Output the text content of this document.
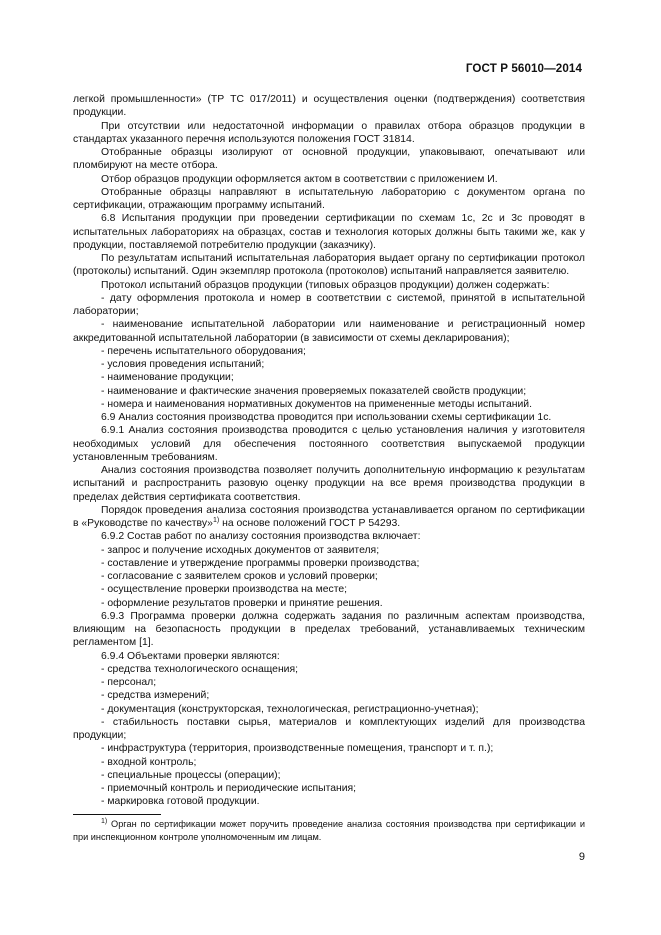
ГОСТ Р 56010—2014

легкой промышленности» (ТР ТС 017/2011) и осуществления оценки (подтверждения) соответствия продукции.

При отсутствии или недостаточной информации о правилах отбора образцов продукции в стандартах указанного перечня используются положения ГОСТ 31814.

Отобранные образцы изолируют от основной продукции, упаковывают, опечатывают или пломбируют на месте отбора.

Отбор образцов продукции оформляется актом в соответствии с приложением И.

Отобранные образцы направляют в испытательную лабораторию с документом органа по сертификации, отражающим программу испытаний.

6.8 Испытания продукции при проведении сертификации по схемам 1с, 2с и 3с проводят в испытательных лабораториях на образцах, состав и технология которых должны быть такими же, как у продукции, поставляемой потребителю продукции (заказчику).

По результатам испытаний испытательная лаборатория выдает органу по сертификации протокол (протоколы) испытаний. Один экземпляр протокола (протоколов) испытаний направляется заявителю.

Протокол испытаний образцов продукции (типовых образцов продукции) должен содержать:

- дату оформления протокола и номер в соответствии с системой, принятой в испытательной лаборатории;

- наименование испытательной лаборатории или наименование и регистрационный номер аккредитованной испытательной лаборатории (в зависимости от схемы декларирования);

- перечень испытательного оборудования;

- условия проведения испытаний;

- наименование продукции;

- наименование и фактические значения проверяемых показателей свойств продукции;

- номера и наименования нормативных документов на примененные методы испытаний.

6.9 Анализ состояния производства проводится при использовании схемы сертификации 1с.

6.9.1 Анализ состояния производства проводится с целью установления наличия у изготовителя необходимых условий для обеспечения постоянного соответствия выпускаемой продукции установленным требованиям.

Анализ состояния производства позволяет получить дополнительную информацию к результатам испытаний и распространить разовую оценку продукции на все время производства продукции в пределах действия сертификата соответствия.

Порядок проведения анализа состояния производства устанавливается органом по сертификации в «Руководстве по качеству»$^{1)}$ на основе положений ГОСТ Р 54293.

6.9.2 Состав работ по анализу состояния производства включает:

- запрос и получение исходных документов от заявителя;

- составление и утверждение программы проверки производства;

- согласование с заявителем сроков и условий проверки;

- осуществление проверки производства на месте;

- оформление результатов проверки и принятие решения.

6.9.3 Программа проверки должна содержать задания по различным аспектам производства, влияющим на безопасность продукции в пределах требований, устанавливаемых техническим регламентом [1].

6.9.4 Объектами проверки являются:

- средства технологического оснащения;

- персонал;

- средства измерений;

- документация (конструкторская, технологическая, регистрационно-учетная);

- стабильность поставки сырья, материалов и комплектующих изделий для производства продукции;

- инфраструктура (территория, производственные помещения, транспорт и т. п.);

- входной контроль;

- специальные процессы (операции);

- приемочный контроль и периодические испытания;

- маркировка готовой продукции.

$^{1)}$ Орган по сертификации может поручить проведение анализа состояния производства при сертификации и при инспекционном контроле уполномоченным им лицам.

9
